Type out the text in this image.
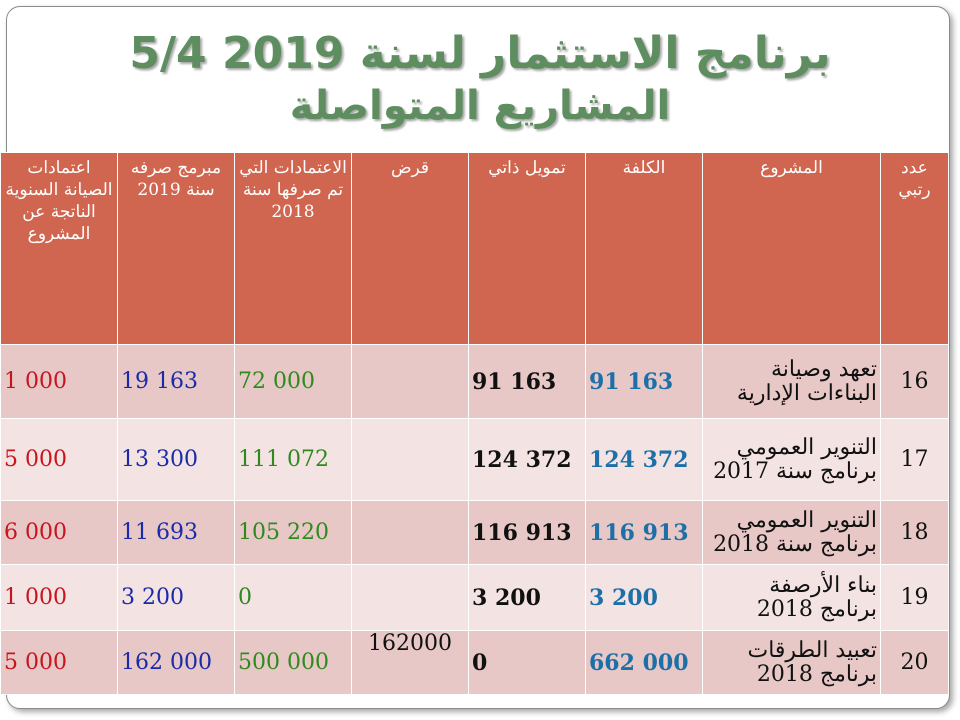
برنامج الاستثمار لسنة 2019 5/4
المشاريع المتواصلة
عدد رتبي	المشروع	الكلفة	تمويل ذاتي	قرض	الاعتمادات التي تم صرفها سنة 2018	مبرمج صرفه سنة 2019	اعتمادات الصيانة السنوية الناتجة عن المشروع
16	تعهد وصيانة
البناءات الإدارية	91 163	91 163		72 000	19 163	1 000
17	التنوير العمومي
برنامج سنة 2017	124 372	124 372		111 072	13 300	5 000
18	التنوير العمومي
برنامج سنة 2018	116 913	116 913		105 220	11 693	6 000
19	بناء الأرصفة
برنامج 2018	3 200	3 200		0	3 200	1 000
20	تعبيد الطرقات
برنامج 2018	662 000	0	162000	500 000	162 000	5 000
